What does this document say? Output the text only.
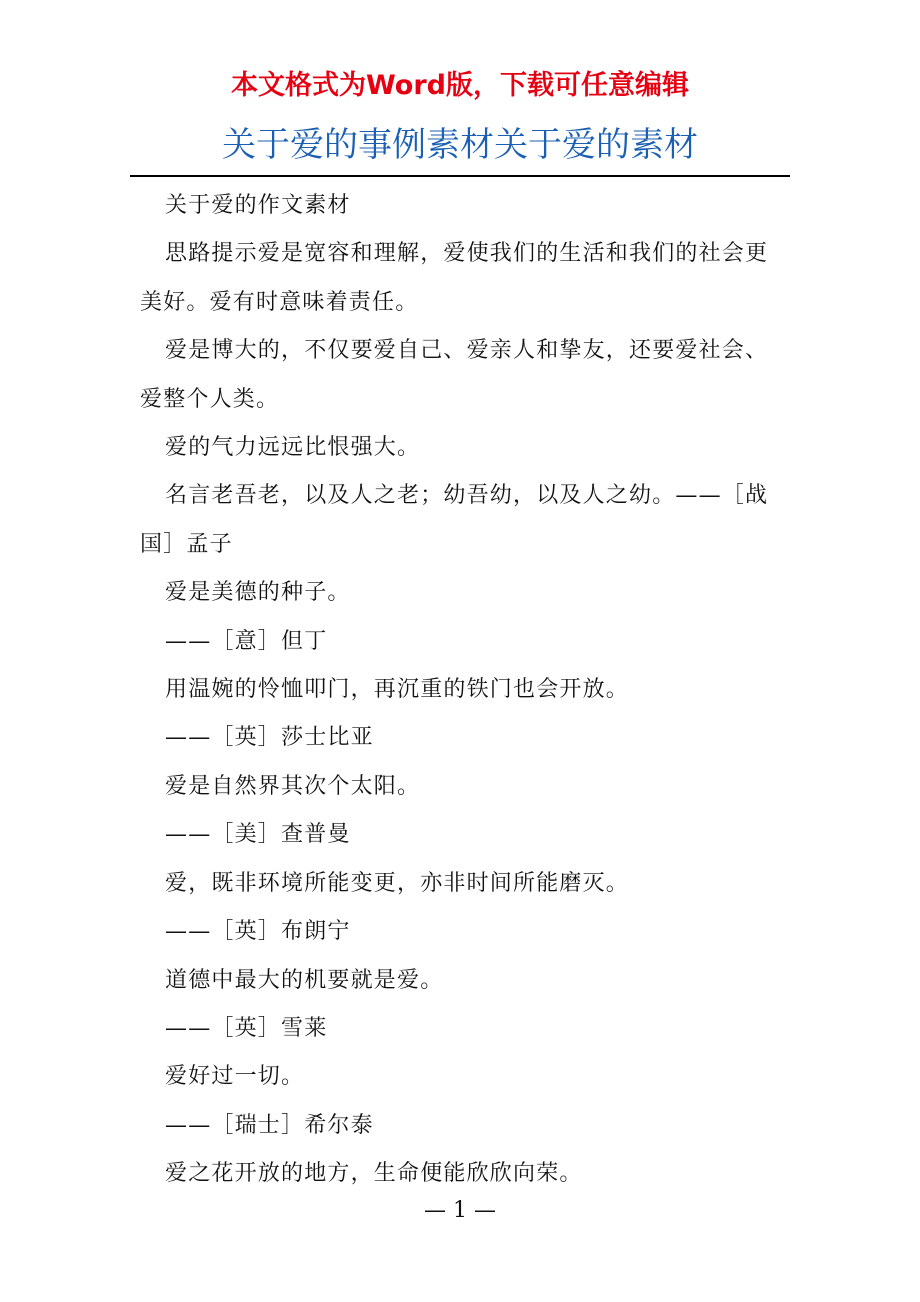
本文格式为Word版，下载可任意编辑
关于爱的事例素材关于爱的素材

关于爱的作文素材

思路提示爱是宽容和理解，爱使我们的生活和我们的社会更美好。爱有时意味着责任。

爱是博大的，不仅要爱自己、爱亲人和挚友，还要爱社会、爱整个人类。

爱的气力远远比恨强大。

名言老吾老，以及人之老；幼吾幼，以及人之幼。——［战国］孟子

爱是美德的种子。

——［意］但丁

用温婉的怜恤叩门，再沉重的铁门也会开放。

——［英］莎士比亚

爱是自然界其次个太阳。

——［美］查普曼

爱，既非环境所能变更，亦非时间所能磨灭。

——［英］布朗宁

道德中最大的机要就是爱。

——［英］雪莱

爱好过一切。

——［瑞士］希尔泰

爱之花开放的地方，生命便能欣欣向荣。

— 1 —
